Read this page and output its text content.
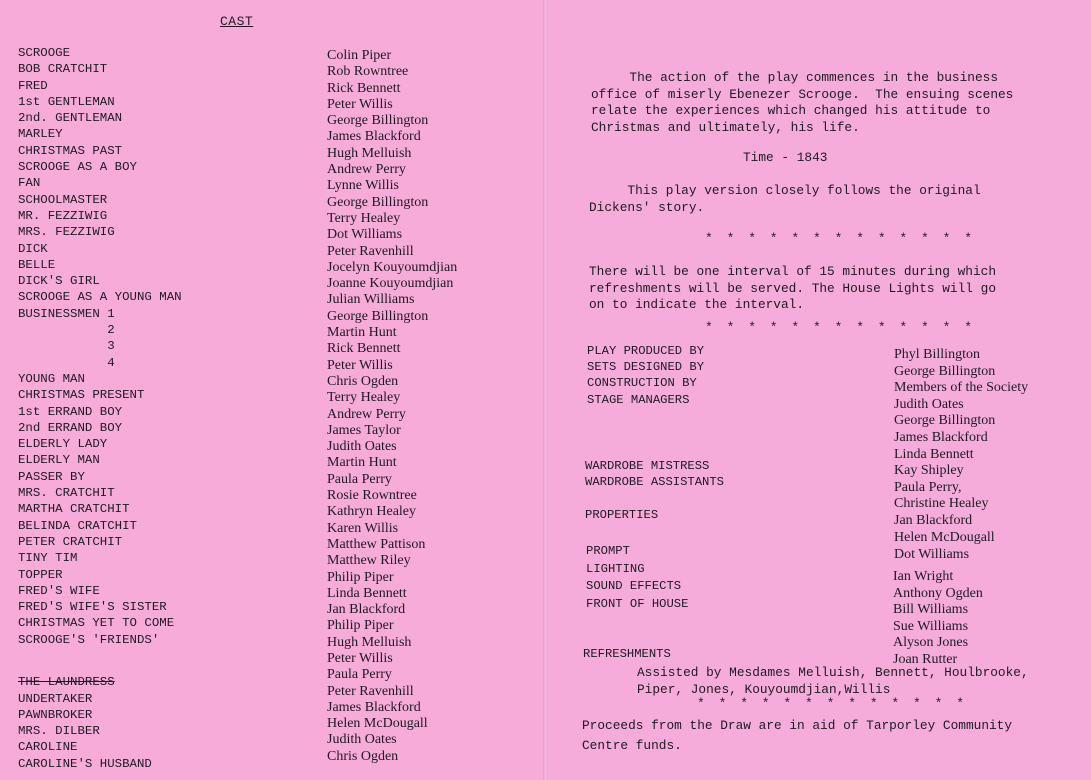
CAST
SCROOGE
BOB CRATCHIT
FRED
1st GENTLEMAN
2nd. GENTLEMAN
MARLEY
CHRISTMAS PAST
SCROOGE AS A BOY
FAN
SCHOOLMASTER
MR. FEZZIWIG
MRS. FEZZIWIG
DICK
BELLE
DICK'S GIRL
SCROOGE AS A YOUNG MAN
BUSINESSMEN 1
2
3
4
YOUNG MAN
CHRISTMAS PRESENT
1st ERRAND BOY
2nd ERRAND BOY
ELDERLY LADY
ELDERLY MAN
PASSER BY
MRS. CRATCHIT
MARTHA CRATCHIT
BELINDA CRATCHIT
PETER CRATCHIT
TINY TIM
TOPPER
FRED'S WIFE
FRED'S WIFE'S SISTER
CHRISTMAS YET TO COME
SCROOGE'S 'FRIENDS'
THE LAUNDRESS
UNDERTAKER
PAWNBROKER
MRS. DILBER
CAROLINE
CAROLINE'S HUSBAND
Colin Piper
Rob Rowntree
Rick Bennett
Peter Willis
George Billington
James Blackford
Hugh Melluish
Andrew Perry
Lynne Willis
George Billington
Terry Healey
Dot Williams
Peter Ravenhill
Jocelyn Kouyoumdjian
Joanne Kouyoumdjian
Julian Williams
George Billington
Martin Hunt
Rick Bennett
Peter Willis
Chris Ogden
Terry Healey
Andrew Perry
James Taylor
Judith Oates
Martin Hunt
Paula Perry
Rosie Rowntree
Kathryn Healey
Karen Willis
Matthew Pattison
Matthew Riley
Philip Piper
Linda Bennett
Jan Blackford
Philip Piper
Hugh Melluish
Peter Willis
Paula Perry
Peter Ravenhill
James Blackford
Helen McDougall
Judith Oates
Chris Ogden
The action of the play commences in the business
office of miserly Ebenezer Scrooge.  The ensuing scenes
relate the experiences which changed his attitude to
Christmas and ultimately, his life.
Time - 1843
This play version closely follows the original
Dickens' story.
* * * * * * * * * * * * *
There will be one interval of 15 minutes during which
refreshments will be served. The House Lights will go
on to indicate the interval.
* * * * * * * * * * * * *
PLAY PRODUCED BY
SETS DESIGNED BY
CONSTRUCTION BY
STAGE MANAGERS
WARDROBE MISTRESS
WARDROBE ASSISTANTS
PROPERTIES
PROMPT
LIGHTING
SOUND EFFECTS
FRONT OF HOUSE
REFRESHMENTS
Phyl Billington
George Billington
Members of the Society
Judith Oates
George Billington
James Blackford
Linda Bennett
Kay Shipley
Paula Perry,
Christine Healey
Jan Blackford
Helen McDougall
Dot Williams
Ian Wright
Anthony Ogden
Bill Williams
Sue Williams
Alyson Jones
Joan Rutter
Assisted by Mesdames Melluish, Bennett, Houlbrooke,
Piper, Jones, Kouyoumdjian,Willis
* * * * * * * * * * * * *
Proceeds from the Draw are in aid of Tarporley Community
Centre funds.
